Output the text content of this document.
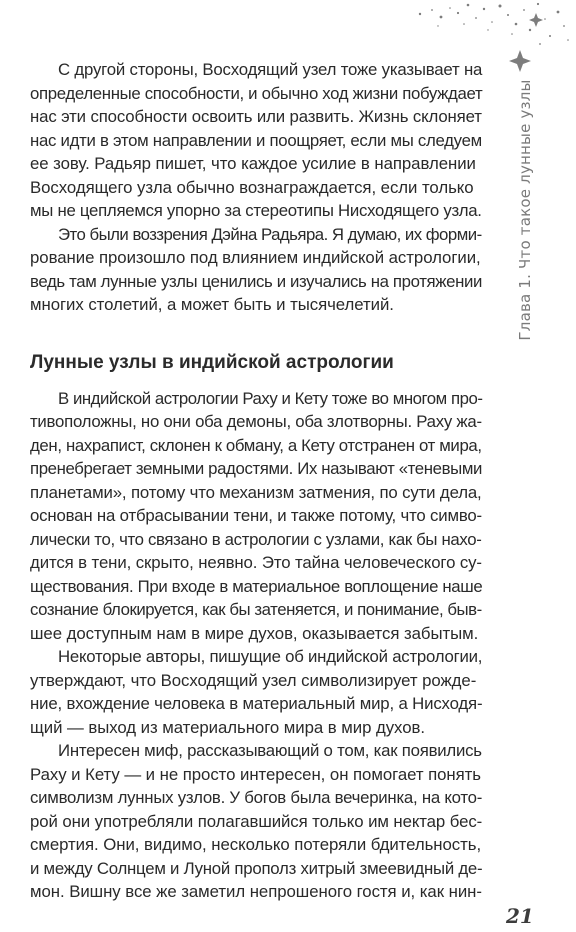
Глава 1. Что такое лунные узлы
С другой стороны, Восходящий узел тоже указывает на
определенные способности, и обычно ход жизни побуждает
нас эти способности освоить или развить. Жизнь склоняет
нас идти в этом направлении и поощряет, если мы следуем
ее зову. Радьяр пишет, что каждое усилие в направлении
Восходящего узла обычно вознаграждается, если только
мы не цепляемся упорно за стереотипы Нисходящего узла.
Это были воззрения Дэйна Радьяра. Я думаю, их форми-
рование произошло под влиянием индийской астрологии,
ведь там лунные узлы ценились и изучались на протяжении
многих столетий, а может быть и тысячелетий.
Лунные узлы в индийской астрологии
В индийской астрологии Раху и Кету тоже во многом про-
тивоположны, но они оба демоны, оба злотворны. Раху жа-
ден, нахрапист, склонен к обману, а Кету отстранен от мира,
пренебрегает земными радостями. Их называют «теневыми
планетами», потому что механизм затмения, по сути дела,
основан на отбрасывании тени, и также потому, что симво-
лически то, что связано в астрологии с узлами, как бы нахо-
дится в тени, скрыто, неявно. Это тайна человеческого су-
ществования. При входе в материальное воплощение наше
сознание блокируется, как бы затеняется, и понимание, быв-
шее доступным нам в мире духов, оказывается забытым.
Некоторые авторы, пишущие об индийской астрологии,
утверждают, что Восходящий узел символизирует рожде-
ние, вхождение человека в материальный мир, а Нисходя-
щий — выход из материального мира в мир духов.
Интересен миф, рассказывающий о том, как появились
Раху и Кету — и не просто интересен, он помогает понять
символизм лунных узлов. У богов была вечеринка, на кото-
рой они употребляли полагавшийся только им нектар бес-
смертия. Они, видимо, несколько потеряли бдительность,
и между Солнцем и Луной прополз хитрый змеевидный де-
мон. Вишну все же заметил непрошеного гостя и, как нин-
21
